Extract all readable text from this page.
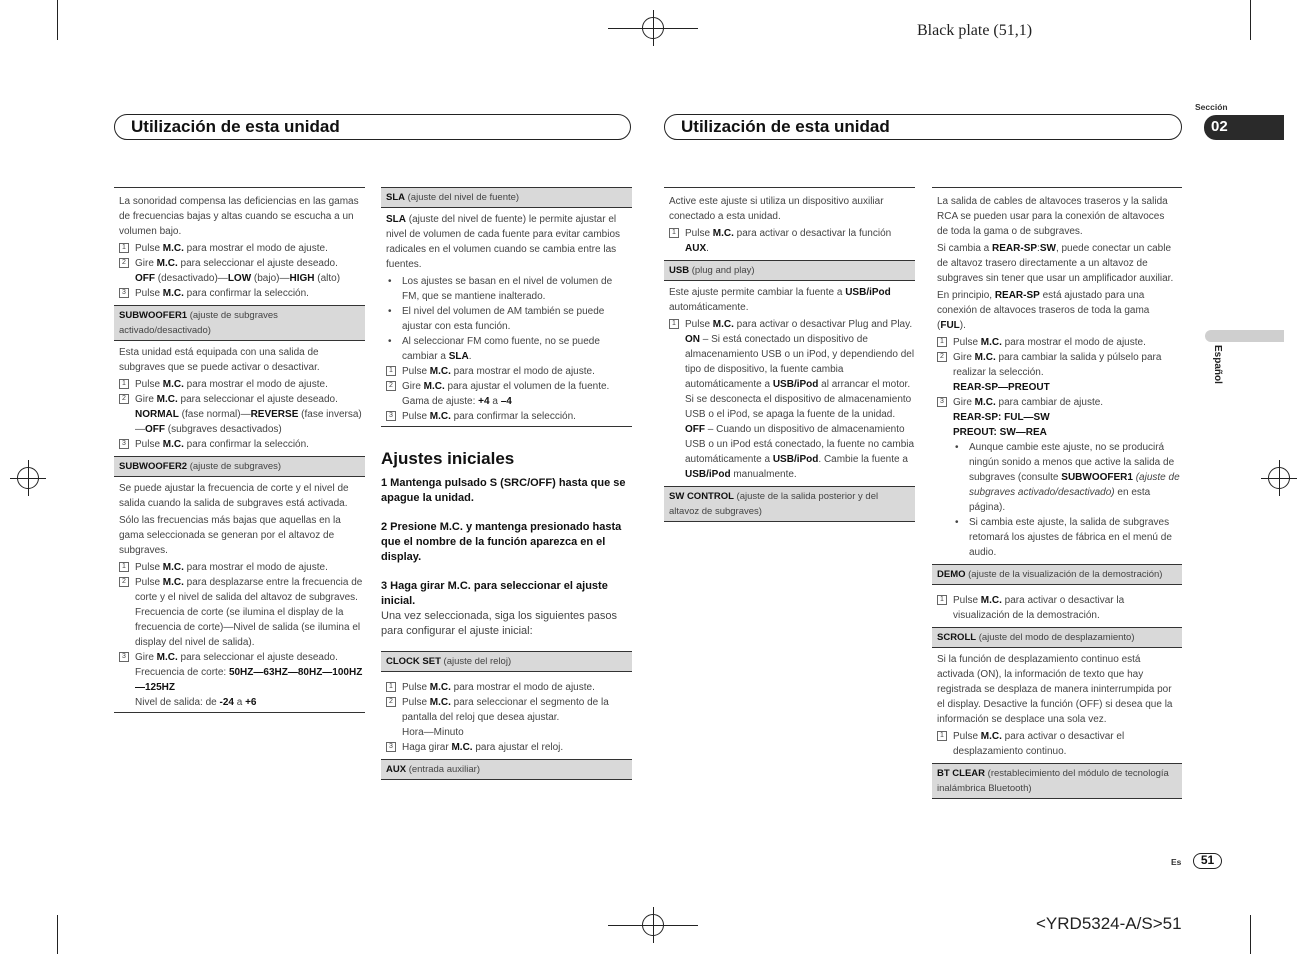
Black plate (51,1)
<YRD5324-A/S>51
Utilización de esta unidad	Utilización de esta unidad
Sección
02
Español

La sonoridad compensa las deficiencias en las gamas de frecuencias bajas y altas cuando se escucha a un volumen bajo.

1 Pulse M.C. para mostrar el modo de ajuste.
2 Gire M.C. para seleccionar el ajuste deseado.

OFF (desactivado)—LOW (bajo)—HIGH (alto)

3 Pulse M.C. para confirmar la selección.
SUBWOOFER1 (ajuste de subgraves activado/desactivado)

Esta unidad está equipada con una salida de subgraves que se puede activar o desactivar.

1 Pulse M.C. para mostrar el modo de ajuste.
2 Gire M.C. para seleccionar el ajuste deseado.

NORMAL (fase normal)—REVERSE (fase inversa)—OFF (subgraves desactivados)

3 Pulse M.C. para confirmar la selección.
SUBWOOFER2 (ajuste de subgraves)

Se puede ajustar la frecuencia de corte y el nivel de salida cuando la salida de subgraves está activada.

Sólo las frecuencias más bajas que aquellas en la gama seleccionada se generan por el altavoz de subgraves.

1 Pulse M.C. para mostrar el modo de ajuste.
2 Pulse M.C. para desplazarse entre la frecuencia de corte y el nivel de salida del altavoz de subgraves.

Frecuencia de corte (se ilumina el display de la frecuencia de corte)—Nivel de salida (se ilumina el display del nivel de salida).

3 Gire M.C. para seleccionar el ajuste deseado.

Frecuencia de corte: 50HZ—63HZ—80HZ—100HZ—125HZ

Nivel de salida: de -24 a +6

SLA (ajuste del nivel de fuente)

SLA (ajuste del nivel de fuente) le permite ajustar el nivel de volumen de cada fuente para evitar cambios radicales en el volumen cuando se cambia entre las fuentes.

•	Los ajustes se basan en el nivel de volumen de FM, que se mantiene inalterado.
•	El nivel del volumen de AM también se puede ajustar con esta función.
•	Al seleccionar FM como fuente, no se puede cambiar a SLA.
1 Pulse M.C. para mostrar el modo de ajuste.
2 Gire M.C. para ajustar el volumen de la fuente.

Gama de ajuste: +4 a –4

3 Pulse M.C. para confirmar la selección.
Ajustes iniciales

1 Mantenga pulsado S (SRC/OFF) hasta que se apague la unidad.

2 Presione M.C. y mantenga presionado hasta que el nombre de la función aparezca en el display.

3 Haga girar M.C. para seleccionar el ajuste inicial.

Una vez seleccionada, siga los siguientes pasos para configurar el ajuste inicial:

CLOCK SET (ajuste del reloj)
1 Pulse M.C. para mostrar el modo de ajuste.
2 Pulse M.C. para seleccionar el segmento de la pantalla del reloj que desea ajustar.

Hora—Minuto

3 Haga girar M.C. para ajustar el reloj.
AUX (entrada auxiliar)

Active este ajuste si utiliza un dispositivo auxiliar conectado a esta unidad.

1 Pulse M.C. para activar o desactivar la función AUX.
USB (plug and play)

Este ajuste permite cambiar la fuente a USB/iPod automáticamente.

1 Pulse M.C. para activar o desactivar Plug and Play.

ON – Si está conectado un dispositivo de almacenamiento USB o un iPod, y dependiendo del tipo de dispositivo, la fuente cambia automáticamente a USB/iPod al arrancar el motor. Si se desconecta el dispositivo de almacenamiento USB o el iPod, se apaga la fuente de la unidad.

OFF – Cuando un dispositivo de almacenamiento USB o un iPod está conectado, la fuente no cambia automáticamente a USB/iPod. Cambie la fuente a USB/iPod manualmente.

SW CONTROL (ajuste de la salida posterior y del altavoz de subgraves)

La salida de cables de altavoces traseros y la salida RCA se pueden usar para la conexión de altavoces de toda la gama o de subgraves.

Si cambia a REAR-SP:SW, puede conectar un cable de altavoz trasero directamente a un altavoz de subgraves sin tener que usar un amplificador auxiliar.

En principio, REAR-SP está ajustado para una conexión de altavoces traseros de toda la gama (FUL).

1 Pulse M.C. para mostrar el modo de ajuste.
2 Gire M.C. para cambiar la salida y púlselo para realizar la selección.

REAR-SP—PREOUT

3 Gire M.C. para cambiar de ajuste.

REAR-SP: FUL—SW

PREOUT: SW—REA

•	Aunque cambie este ajuste, no se producirá ningún sonido a menos que active la salida de subgraves (consulte SUBWOOFER1 (ajuste de subgraves activado/desactivado) en esta página).
•	Si cambia este ajuste, la salida de subgraves retomará los ajustes de fábrica en el menú de audio.
DEMO (ajuste de la visualización de la demostración)
1 Pulse M.C. para activar o desactivar la visualización de la demostración.
SCROLL (ajuste del modo de desplazamiento)

Si la función de desplazamiento continuo está activada (ON), la información de texto que hay registrada se desplaza de manera ininterrumpida por el display. Desactive la función (OFF) si desea que la información se desplace una sola vez.

1 Pulse M.C. para activar o desactivar el desplazamiento continuo.
BT CLEAR (restablecimiento del módulo de tecnología inalámbrica Bluetooth)
Es	51
